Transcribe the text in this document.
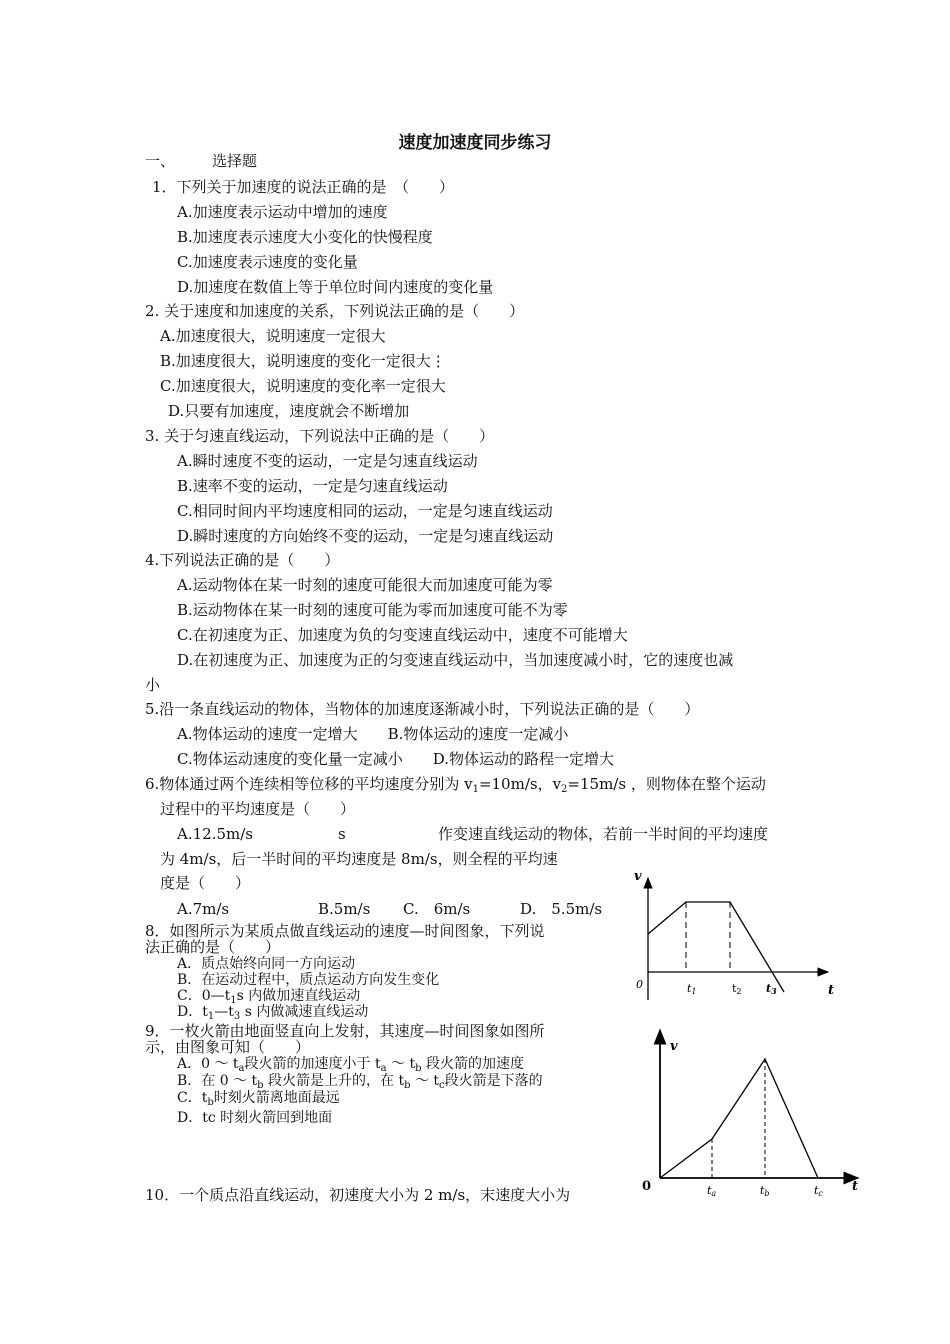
速度加速度同步练习
一、 选择题
1．下列关于加速度的说法正确的是　（　　）
A.加速度表示运动中增加的速度
B.加速度表示速度大小变化的快慢程度
C.加速度表示速度的变化量
D.加速度在数值上等于单位时间内速度的变化量
2. 关于速度和加速度的关系，下列说法正确的是（　　）
A.加速度很大，说明速度一定很大
B.加速度很大，说明速度的变化一定很大⋮
C.加速度很大，说明速度的变化率一定很大
D.只要有加速度，速度就会不断增加
3. 关于匀速直线运动，下列说法中正确的是（　　）
A.瞬时速度不变的运动，一定是匀速直线运动
B.速率不变的运动，一定是匀速直线运动
C.相同时间内平均速度相同的运动，一定是匀速直线运动
D.瞬时速度的方向始终不变的运动，一定是匀速直线运动
4.下列说法正确的是（　　）
A.运动物体在某一时刻的速度可能很大而加速度可能为零
B.运动物体在某一时刻的速度可能为零而加速度可能不为零
C.在初速度为正、加速度为负的匀变速直线运动中，速度不可能增大
D.在初速度为正、加速度为正的匀变速直线运动中，当加速度减小时，它的速度也减
小
5.沿一条直线运动的物体，当物体的加速度逐渐减小时，下列说法正确的是（　　）
A.物体运动的速度一定增大　　B.物体运动的速度一定减小
C.物体运动速度的变化量一定减小　　D.物体运动的路程一定增大
6.物体通过两个连续相等位移的平均速度分别为 $v_1=10m/s$，$v_2=15m/s$ ，则物体在整个运动
过程中的平均速度是（　　）
A.12.5m/s	s	作变速直线运动的物体，若前一半时间的平均速度
为 4m/s，后一半时间的平均速度是 8m/s，则全程的平均速
度是（　　）
A.7m/s	B.5m/s C.　6m/s	D.　5.5m/s
8．如图所示为某质点做直线运动的速度—时间图象，下列说
法正确的是（　　）
A．质点始终向同一方向运动
B．在运动过程中，质点运动方向发生变化
C．$0—t_1s$ 内做加速直线运动
D．$t_1—t_3$ s 内做减速直线运动
9．一枚火箭由地面竖直向上发射，其速度—时间图象如图所
示，由图象可知（　　）
A．0 ～ $t_a$段火箭的加速度小于 $t_a$ ～ $t_b$ 段火箭的加速度
B．在 0 ～ $t_b$ 段火箭是上升的，在 $t_b$ ～ $t_c$段火箭是下落的
C．$t_b$时刻火箭离地面最远
D．tc 时刻火箭回到地面
10．一个质点沿直线运动，初速度大小为 2 m/s，末速度大小为
v
t
0	t1	t2 t3
v
t
0	ta	tb	tc
